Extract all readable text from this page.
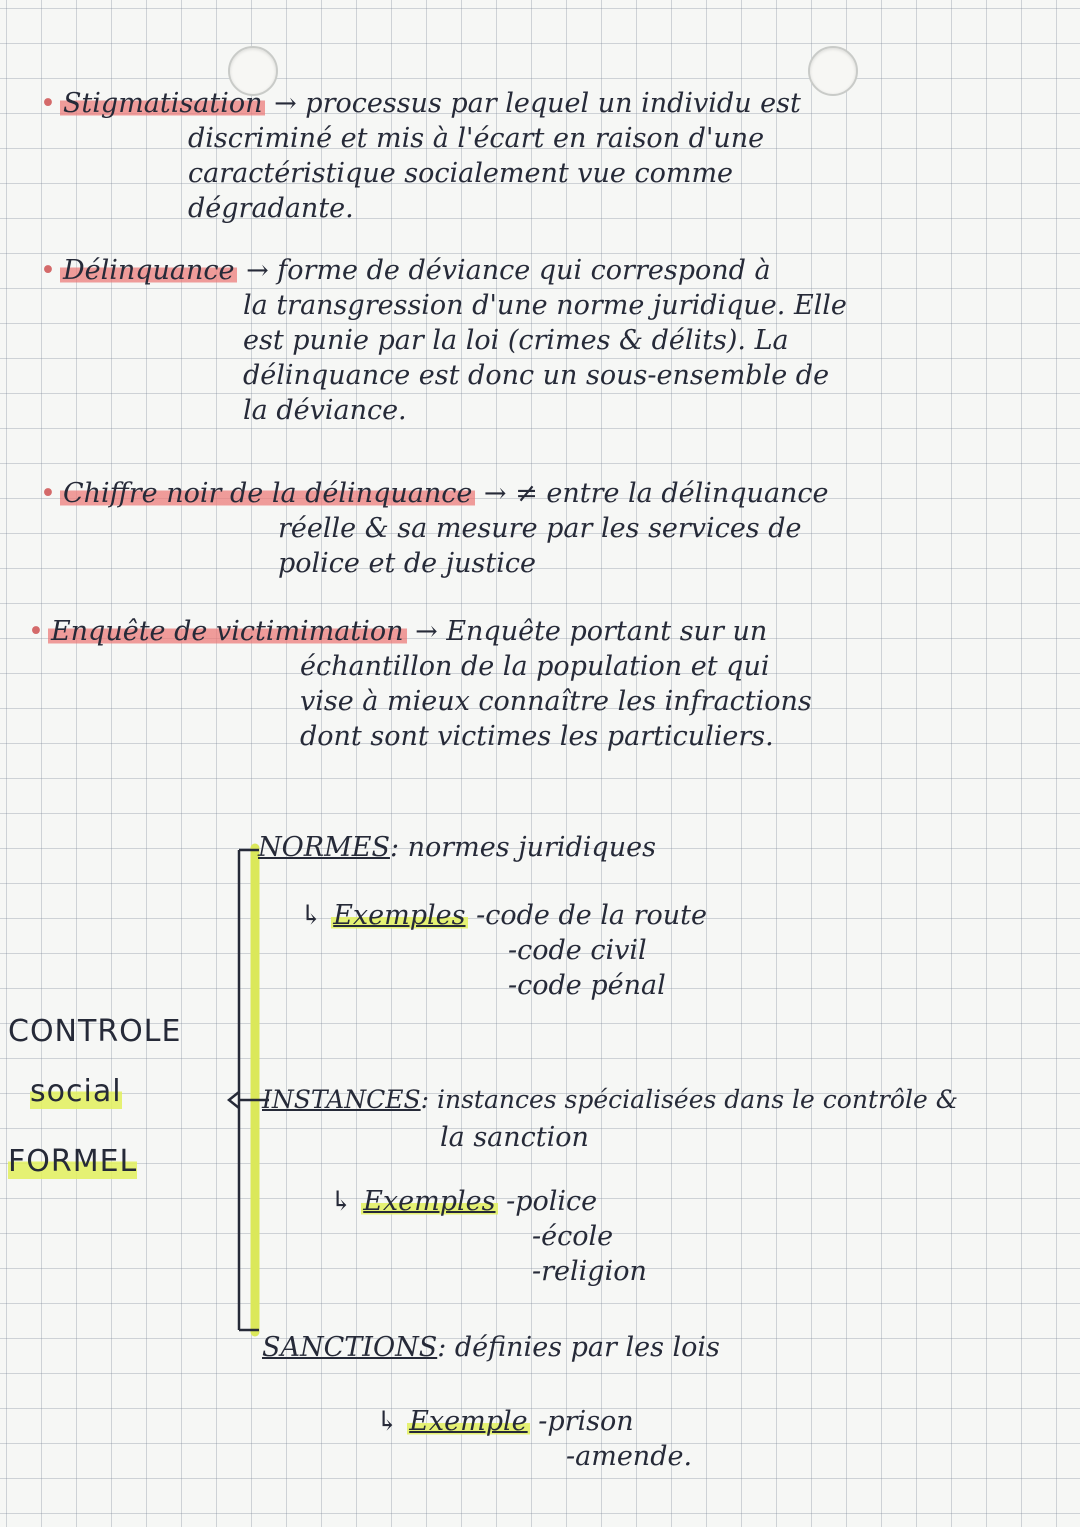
• Stigmatisation → processus par lequel un individu est

discriminé et mis à l'écart en raison d'une

caractéristique socialement vue comme

dégradante.

• Délinquance → forme de déviance qui correspond à

la transgression d'une norme juridique. Elle

est punie par la loi (crimes & délits). La

délinquance est donc un sous-ensemble de

la déviance.

• Chiffre noir de la délinquance → ≠ entre la délinquance

réelle & sa mesure par les services de

police et de justice

• Enquête de victimimation → Enquête portant sur un

échantillon de la population et qui

vise à mieux connaître les infractions

dont sont victimes les particuliers.

CONTROLE

social

FORMEL

NORMES: normes juridiques

↳ Exemples -code de la route

-code civil

-code pénal

INSTANCES: instances spécialisées dans le contrôle &

la sanction

↳ Exemples -police

-école

-religion

SANCTIONS: définies par les lois

↳ Exemple -prison

-amende.
